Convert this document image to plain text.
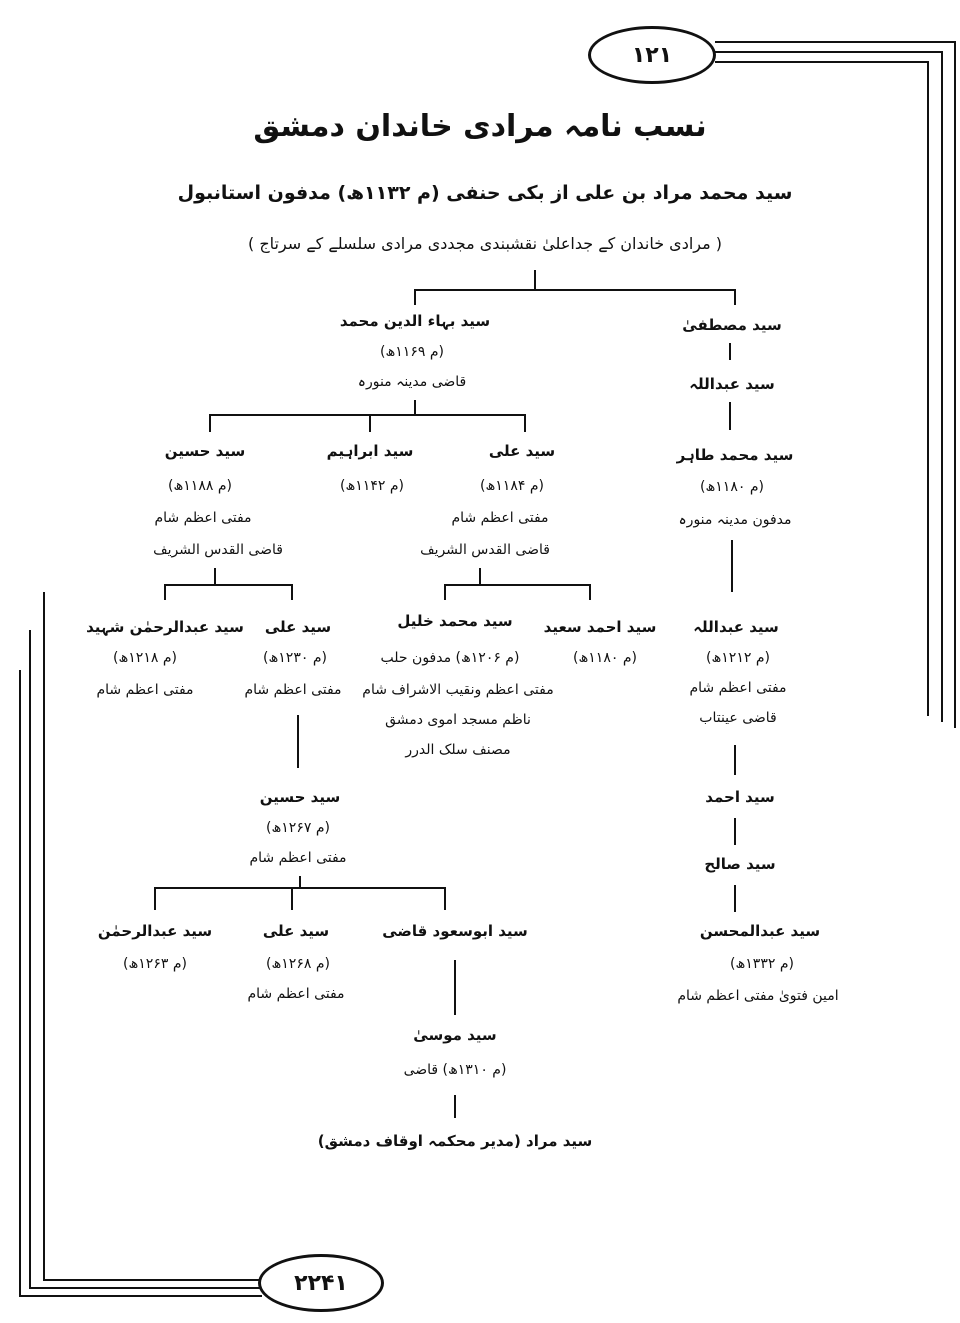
۱۲۱
۲۲۴۱
نسب نامہ مرادی خاندان دمشق
سید محمد مراد بن علی از بکی حنفی (م ۱۱۳۲ھ) مدفون استانبول
( مرادی خاندان کے جداعلیٰ نقشبندی مجددی مرادی سلسلے کے سرتاج )
سید مصطفیٰ
سید عبداللہ
سید محمد طاہر
(م ۱۱۸۰ھ)
مدفون مدینہ منورہ
سید عبداللہ
(م ۱۲۱۲ھ)
مفتی اعظم شام
قاضی عینتاب
سید احمد
سید صالح
سید عبدالمحسن
(م ۱۳۳۲ھ)
امین فتویٰ مفتی اعظم شام
سید بہاء الدین محمد
(م ۱۱۶۹ھ)
قاضی مدینہ منورہ
سید علی
(م ۱۱۸۴ھ)
مفتی اعظم شام
قاضی القدس الشریف
سید ابراہیم
(م ۱۱۴۲ھ)
سید حسین
(م ۱۱۸۸ھ)
مفتی اعظم شام
قاضی القدس الشریف
سید احمد سعید
(م ۱۱۸۰ھ)
سید محمد خلیل
(م ۱۲۰۶ھ) مدفون حلب
مفتی اعظم ونقیب الاشراف شام
ناظم مسجد اموی دمشق
مصنف سلک الدرر
سید علی
(م ۱۲۳۰ھ)
مفتی اعظم شام
سید عبدالرحمٰن شہید
(م ۱۲۱۸ھ)
مفتی اعظم شام
سید حسین
(م ۱۲۶۷ھ)
مفتی اعظم شام
سید ابوسعود قاضی
سید علی
(م ۱۲۶۸ھ)
مفتی اعظم شام
سید عبدالرحمٰن
(م ۱۲۶۳ھ)
سید موسیٰ
(م ۱۳۱۰ھ) قاضی
سید مراد (مدیر محکمہ اوقاف دمشق)
